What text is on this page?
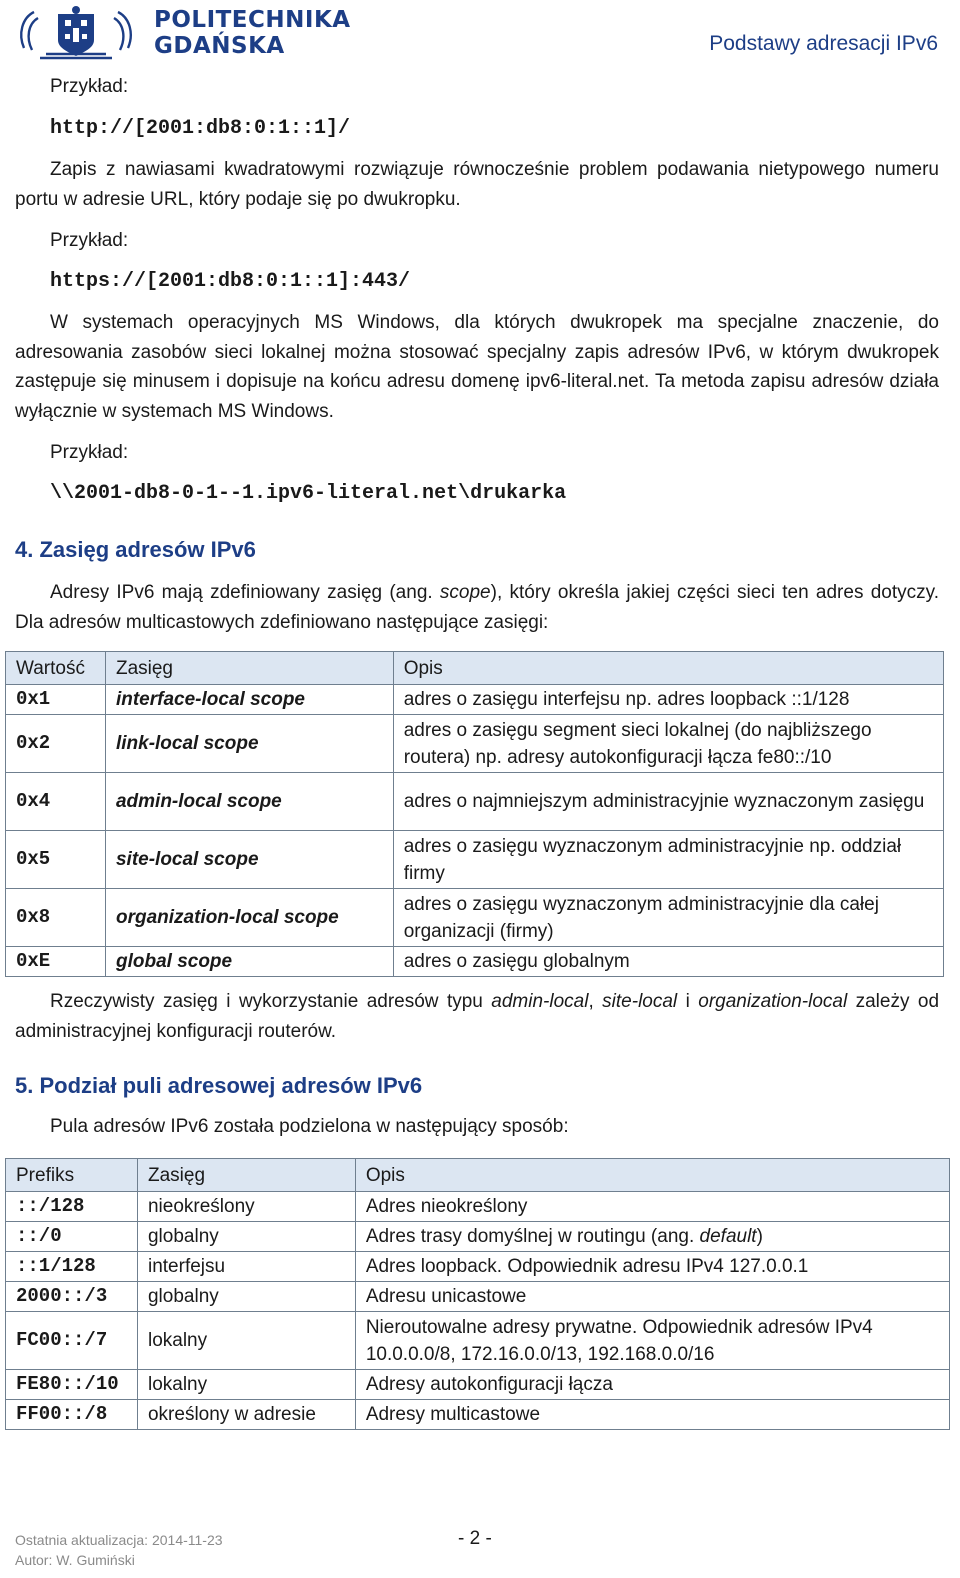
POLITECHNIKA
GDAŃSKA	Podstawy adresacji IPv6
Przykład:
http://[2001:db8:0:1::1]/
Zapis z nawiasami kwadratowymi rozwiązuje równocześnie problem podawania nietypowego numeru portu w adresie URL, który podaje się po dwukropku.
Przykład:
https://[2001:db8:0:1::1]:443/
W systemach operacyjnych MS Windows, dla których dwukropek ma specjalne znaczenie, do adresowania zasobów sieci lokalnej można stosować specjalny zapis adresów IPv6, w którym dwukropek zastępuje się minusem i dopisuje na końcu adresu domenę ipv6-literal.net. Ta metoda zapisu adresów działa wyłącznie w systemach MS Windows.
Przykład:
\\2001-db8-0-1--1.ipv6-literal.net\drukarka
4. Zasięg adresów IPv6
Adresy IPv6 mają zdefiniowany zasięg (ang. scope), który określa jakiej części sieci ten adres dotyczy. Dla adresów multicastowych zdefiniowano następujące zasięgi:
Wartość	Zasięg	Opis
0x1	interface-local scope	adres o zasięgu interfejsu np. adres loopback ::1/128
0x2	link-local scope	adres o zasięgu segment sieci lokalnej (do najbliższego routera) np. adresy autokonfiguracji łącza fe80::/10
0x4	admin-local scope	adres o najmniejszym administracyjnie wyznaczonym zasięgu
0x5	site-local scope	adres o zasięgu wyznaczonym administracyjnie np. oddział firmy
0x8	organization-local scope	adres o zasięgu wyznaczonym administracyjnie dla całej organizacji (firmy)
0xE	global scope	adres o zasięgu globalnym
Rzeczywisty zasięg i wykorzystanie adresów typu admin-local, site-local i organization-local zależy od administracyjnej konfiguracji routerów.
5. Podział puli adresowej adresów IPv6
Pula adresów IPv6 została podzielona w następujący sposób:
Prefiks	Zasięg	Opis
::/128	nieokreślony	Adres nieokreślony
::/0	globalny	Adres trasy domyślnej w routingu (ang. default)
::1/128	interfejsu	Adres loopback. Odpowiednik adresu IPv4 127.0.0.1
2000::/3	globalny	Adresu unicastowe
FC00::/7	lokalny	Nieroutowalne adresy prywatne. Odpowiednik adresów IPv4 10.0.0.0/8, 172.16.0.0/13, 192.168.0.0/16
FE80::/10	lokalny	Adresy autokonfiguracji łącza
FF00::/8	określony w adresie	Adresy multicastowe
Ostatnia aktualizacja: 2014-11-23
Autor: W. Gumiński
- 2 -
